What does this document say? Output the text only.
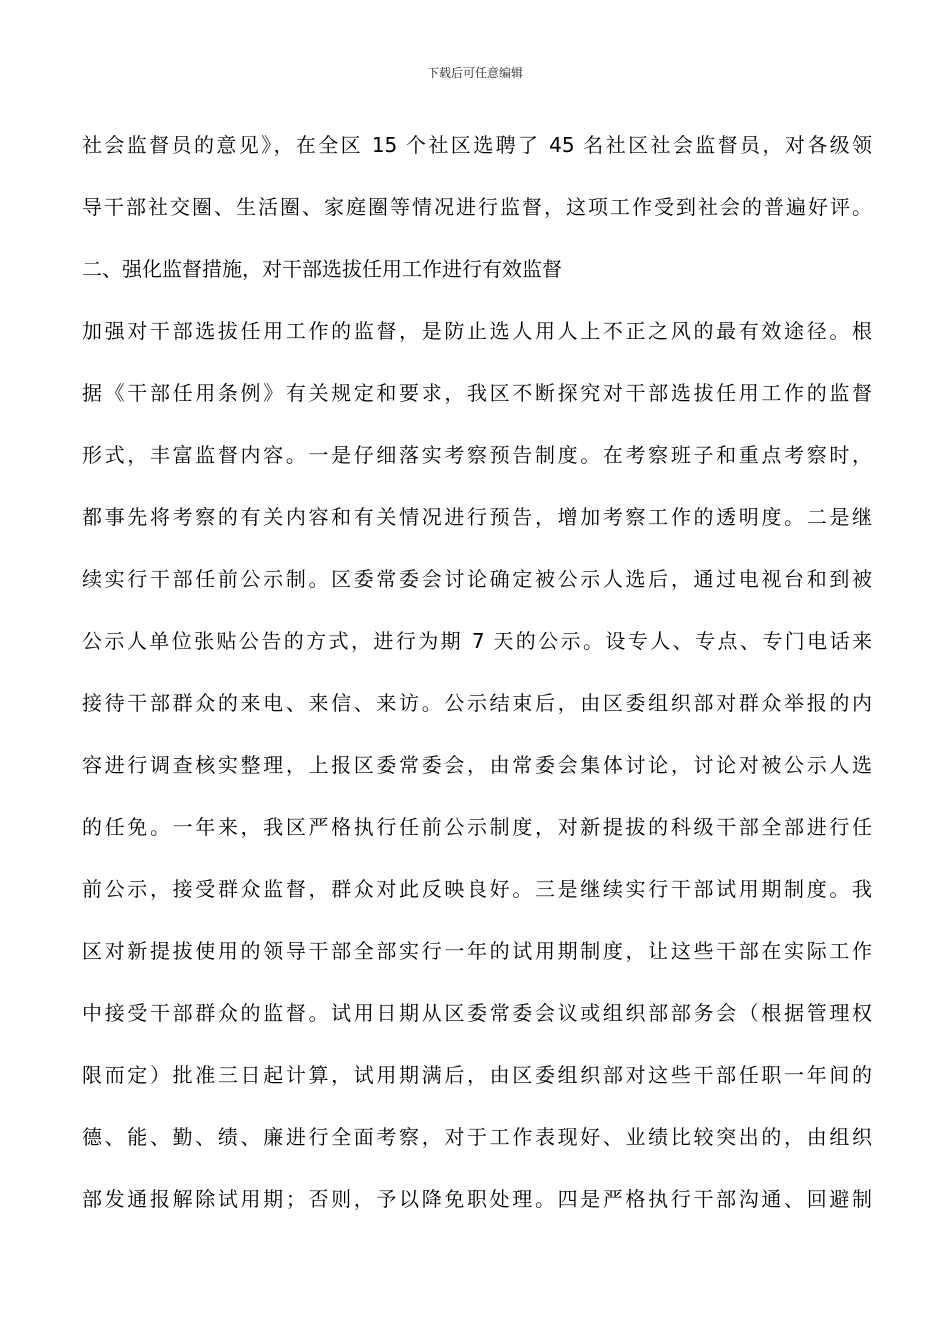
下载后可任意编辑
社会监督员的意见》，在全区 15 个社区选聘了 45 名社区社会监督员，对各级领
导干部社交圈、生活圈、家庭圈等情况进行监督，这项工作受到社会的普遍好评。
二、强化监督措施，对干部选拔任用工作进行有效监督
加强对干部选拔任用工作的监督，是防止选人用人上不正之风的最有效途径。根
据《干部任用条例》有关规定和要求，我区不断探究对干部选拔任用工作的监督
形式，丰富监督内容。一是仔细落实考察预告制度。在考察班子和重点考察时，
都事先将考察的有关内容和有关情况进行预告，增加考察工作的透明度。二是继
续实行干部任前公示制。区委常委会讨论确定被公示人选后，通过电视台和到被
公示人单位张贴公告的方式，进行为期 7 天的公示。设专人、专点、专门电话来
接待干部群众的来电、来信、来访。公示结束后，由区委组织部对群众举报的内
容进行调查核实整理，上报区委常委会，由常委会集体讨论，讨论对被公示人选
的任免。一年来，我区严格执行任前公示制度，对新提拔的科级干部全部进行任
前公示，接受群众监督，群众对此反映良好。三是继续实行干部试用期制度。我
区对新提拔使用的领导干部全部实行一年的试用期制度，让这些干部在实际工作
中接受干部群众的监督。试用日期从区委常委会议或组织部部务会（根据管理权
限而定）批准三日起计算，试用期满后，由区委组织部对这些干部任职一年间的
德、能、勤、绩、廉进行全面考察，对于工作表现好、业绩比较突出的，由组织
部发通报解除试用期；否则，予以降免职处理。四是严格执行干部沟通、回避制
